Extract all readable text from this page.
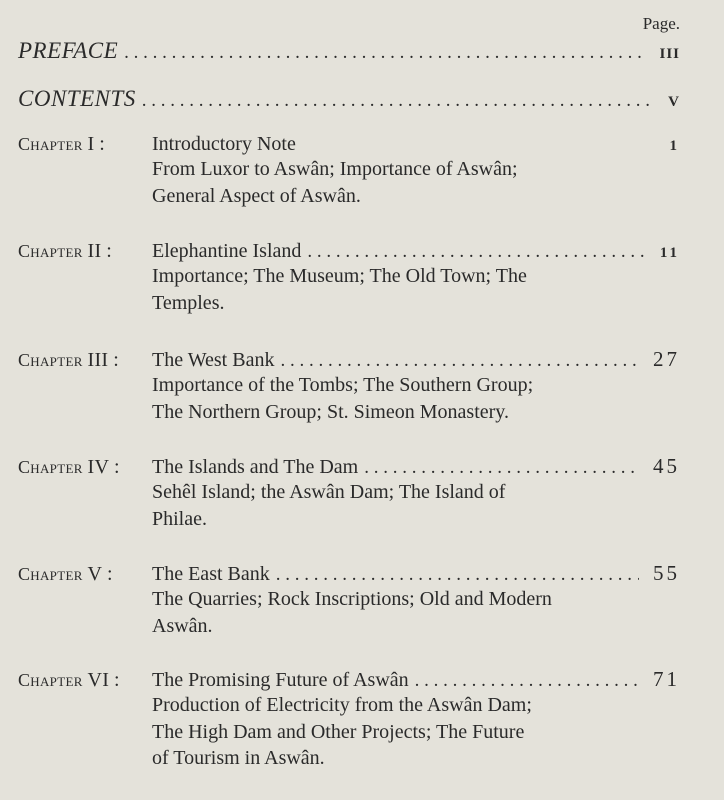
Page.
PREFACE . . .	III
CONTENTS . . .	V
Chapter I :	Introductory Note	1
From Luxor to Aswân; Importance of Aswân;
General Aspect of Aswân.
Chapter II :	Elephantine Island . . .	11
Importance; The Museum; The Old Town; The
Temples.
Chapter III :	The West Bank . . .	27
Importance of the Tombs; The Southern Group;
The Northern Group; St. Simeon Monastery.
Chapter IV :	The Islands and The Dam . . .	45
Sehêl Island; the Aswân Dam; The Island of
Philae.
Chapter V :	The East Bank . . .	55
The Quarries; Rock Inscriptions; Old and Modern
Aswân.
Chapter VI :	The Promising Future of Aswân . . .	71
Production of Electricity from the Aswân Dam;
The High Dam and Other Projects; The Future
of Tourism in Aswân.
